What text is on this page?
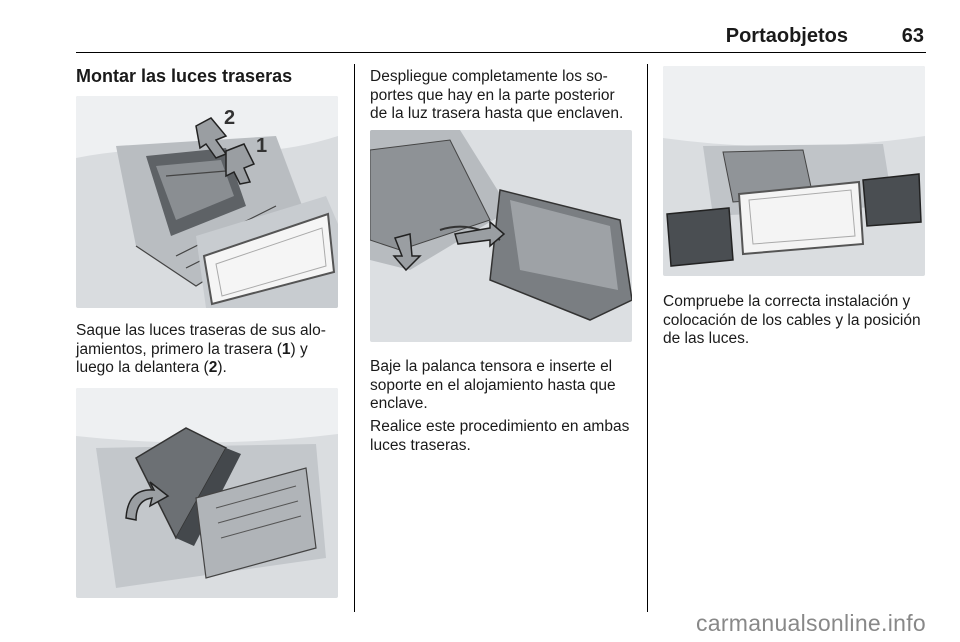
Portaobjetos	63
Montar las luces traseras
2
1
Saque las luces traseras de sus alo-jamientos, primero la trasera (1) y luego la delantera (2).
Despliegue completamente los so-portes que hay en la parte posterior de la luz trasera hasta que enclaven.
Baje la palanca tensora e inserte el soporte en el alojamiento hasta que enclave.
Realice este procedimiento en ambas luces traseras.
Compruebe la correcta instalación y colocación de los cables y la posición de las luces.
carmanualsonline.info
